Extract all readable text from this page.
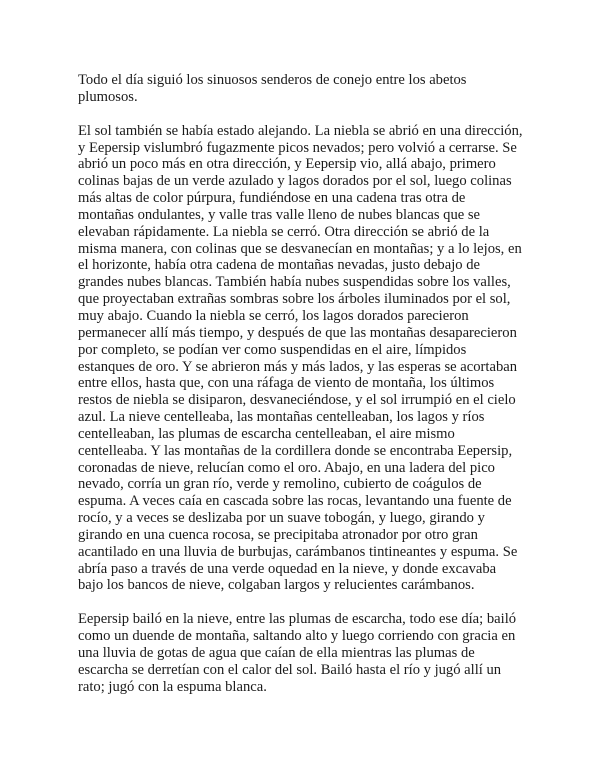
Todo el día siguió los sinuosos senderos de conejo entre los abetos
plumosos.

El sol también se había estado alejando. La niebla se abrió en una dirección,
y Eepersip vislumbró fugazmente picos nevados; pero volvió a cerrarse. Se
abrió un poco más en otra dirección, y Eepersip vio, allá abajo, primero
colinas bajas de un verde azulado y lagos dorados por el sol, luego colinas
más altas de color púrpura, fundiéndose en una cadena tras otra de
montañas ondulantes, y valle tras valle lleno de nubes blancas que se
elevaban rápidamente. La niebla se cerró. Otra dirección se abrió de la
misma manera, con colinas que se desvanecían en montañas; y a lo lejos, en
el horizonte, había otra cadena de montañas nevadas, justo debajo de
grandes nubes blancas. También había nubes suspendidas sobre los valles,
que proyectaban extrañas sombras sobre los árboles iluminados por el sol,
muy abajo. Cuando la niebla se cerró, los lagos dorados parecieron
permanecer allí más tiempo, y después de que las montañas desaparecieron
por completo, se podían ver como suspendidas en el aire, límpidos
estanques de oro. Y se abrieron más y más lados, y las esperas se acortaban
entre ellos, hasta que, con una ráfaga de viento de montaña, los últimos
restos de niebla se disiparon, desvaneciéndose, y el sol irrumpió en el cielo
azul. La nieve centelleaba, las montañas centelleaban, los lagos y ríos
centelleaban, las plumas de escarcha centelleaban, el aire mismo
centelleaba. Y las montañas de la cordillera donde se encontraba Eepersip,
coronadas de nieve, relucían como el oro. Abajo, en una ladera del pico
nevado, corría un gran río, verde y remolino, cubierto de coágulos de
espuma. A veces caía en cascada sobre las rocas, levantando una fuente de
rocío, y a veces se deslizaba por un suave tobogán, y luego, girando y
girando en una cuenca rocosa, se precipitaba atronador por otro gran
acantilado en una lluvia de burbujas, carámbanos tintineantes y espuma. Se
abría paso a través de una verde oquedad en la nieve, y donde excavaba
bajo los bancos de nieve, colgaban largos y relucientes carámbanos.

Eepersip bailó en la nieve, entre las plumas de escarcha, todo ese día; bailó
como un duende de montaña, saltando alto y luego corriendo con gracia en
una lluvia de gotas de agua que caían de ella mientras las plumas de
escarcha se derretían con el calor del sol. Bailó hasta el río y jugó allí un
rato; jugó con la espuma blanca.
